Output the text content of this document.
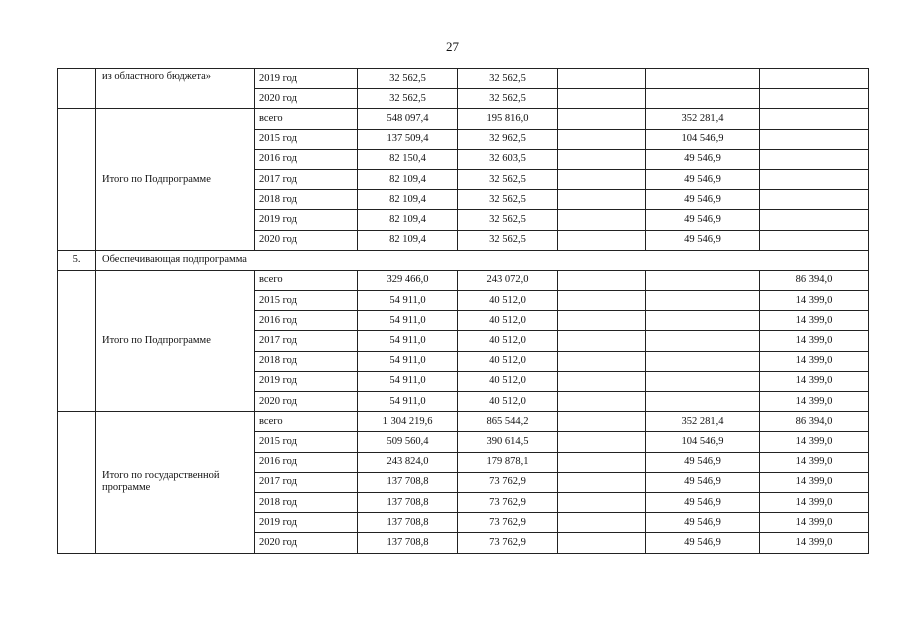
27
	из областного бюджета»	2019 год	32 562,5	32 562,5			
		2020 год	32 562,5	32 562,5			
	Итого по Подпрограмме	всего	548 097,4	195 816,0		352 281,4	
		2015 год	137 509,4	32 962,5		104 546,9	
		2016 год	82 150,4	32 603,5		49 546,9	
		2017 год	82 109,4	32 562,5		49 546,9	
		2018 год	82 109,4	32 562,5		49 546,9	
		2019 год	82 109,4	32 562,5		49 546,9	
		2020 год	82 109,4	32 562,5		49 546,9	
5.	Обеспечивающая подпрограмма						
	Итого по Подпрограмме	всего	329 466,0	243 072,0			86 394,0
		2015 год	54 911,0	40 512,0			14 399,0
		2016 год	54 911,0	40 512,0			14 399,0
		2017 год	54 911,0	40 512,0			14 399,0
		2018 год	54 911,0	40 512,0			14 399,0
		2019 год	54 911,0	40 512,0			14 399,0
		2020 год	54 911,0	40 512,0			14 399,0
	Итого по государственной программе	всего	1 304 219,6	865 544,2		352 281,4	86 394,0
		2015 год	509 560,4	390 614,5		104 546,9	14 399,0
		2016 год	243 824,0	179 878,1		49 546,9	14 399,0
		2017 год	137 708,8	73 762,9		49 546,9	14 399,0
		2018 год	137 708,8	73 762,9		49 546,9	14 399,0
		2019 год	137 708,8	73 762,9		49 546,9	14 399,0
		2020 год	137 708,8	73 762,9		49 546,9	14 399,0
